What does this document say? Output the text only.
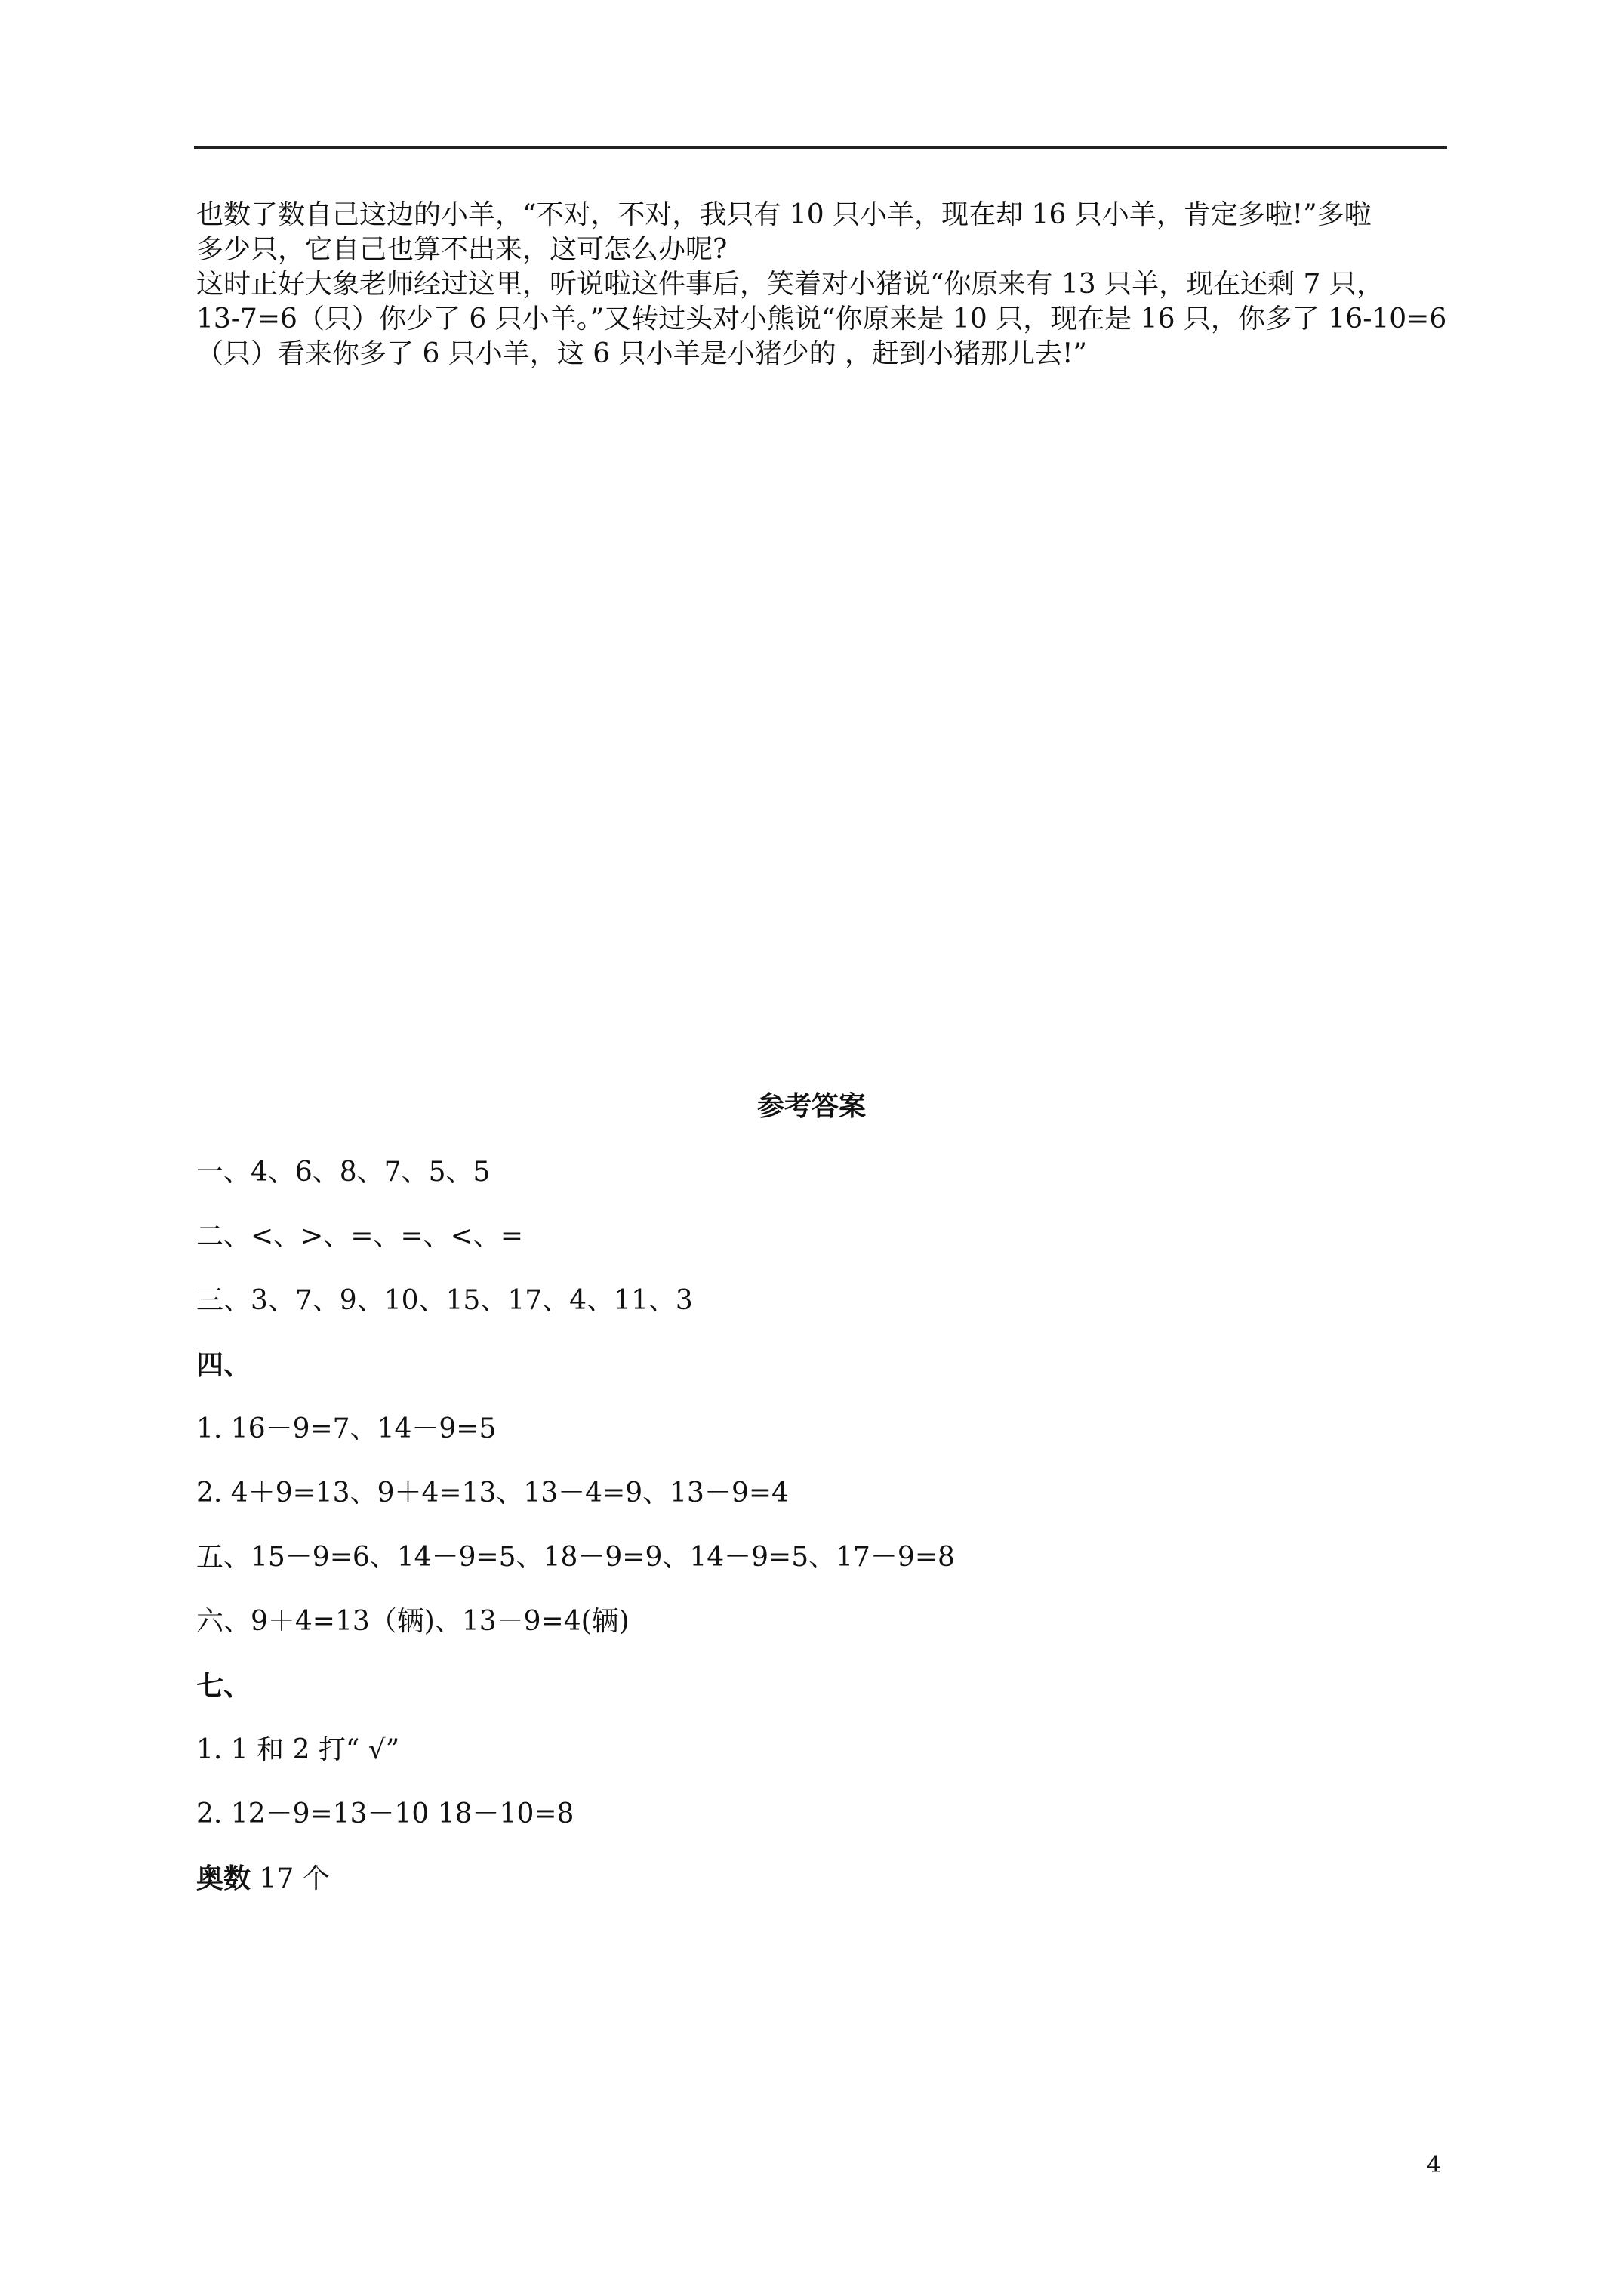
也数了数自己这边的小羊，“不对，不对，我只有 10 只小羊，现在却 16 只小羊，肯定多啦!”多啦

多少只，它自己也算不出来，这可怎么办呢?

这时正好大象老师经过这里，听说啦这件事后，笑着对小猪说“你原来有 13 只羊，现在还剩 7 只，

13-7=6（只）你少了 6 只小羊。”又转过头对小熊说“你原来是 10 只，现在是 16 只，你多了 16-10=6

（只）看来你多了 6 只小羊，这 6 只小羊是小猪少的 ，赶到小猪那儿去!”

参考答案
一、4、6、8、7、5、5
二、<、>、=、=、<、=
三、3、7、9、10、15、17、4、11、3
四、
1. 16－9=7、14－9=5
2. 4＋9=13、9＋4=13、13－4=9、13－9=4
五、15－9=6、14－9=5、18－9=9、14－9=5、17－9=8
六、9＋4=13（辆)、13－9=4(辆)
七、
1. 1 和 2 打“ √”
2. 12－9=13－10 18－10=8
奥数 17 个
4
